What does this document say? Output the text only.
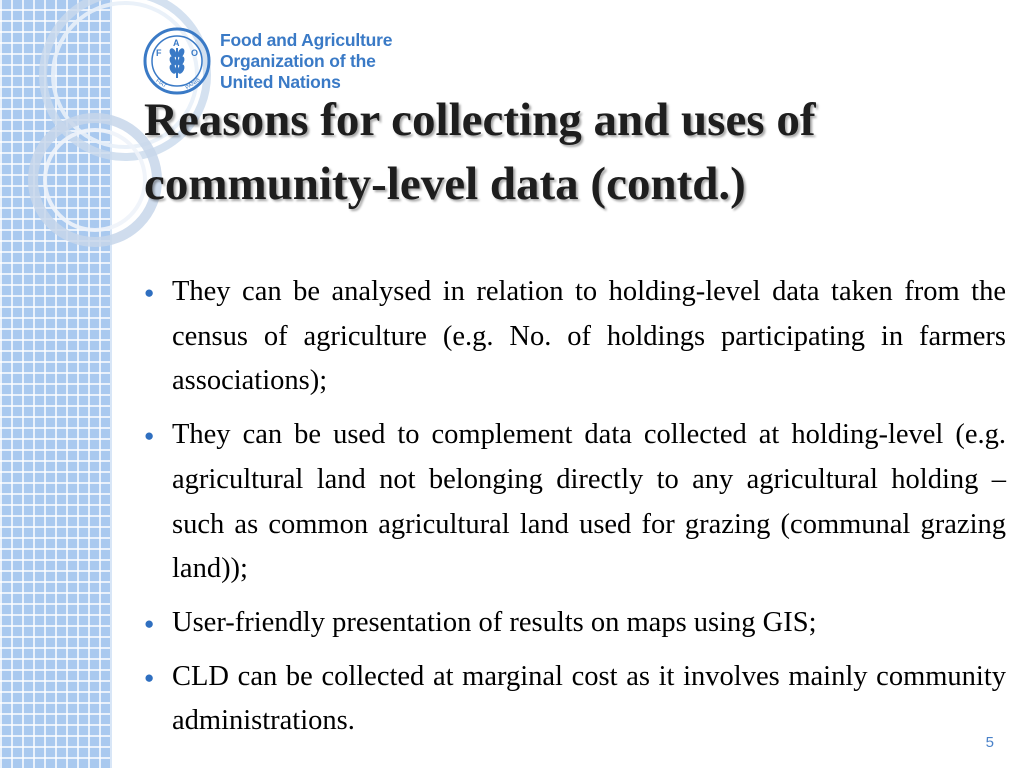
F
A
O
FIAT	PANIS
Food and Agriculture
Organization of the
United Nations
Reasons for collecting and uses of
community-level data (contd.)
● They can be analysed in relation to holding-level data taken from the census of agriculture (e.g. No. of holdings participating in farmers associations);
● They can be used to complement data collected at holding-level (e.g. agricultural land not belonging directly to any agricultural holding – such as common agricultural land used for grazing (communal grazing land));
● User-friendly presentation of results on maps using GIS;
● CLD can be collected at marginal cost as it involves mainly community administrations.
5
